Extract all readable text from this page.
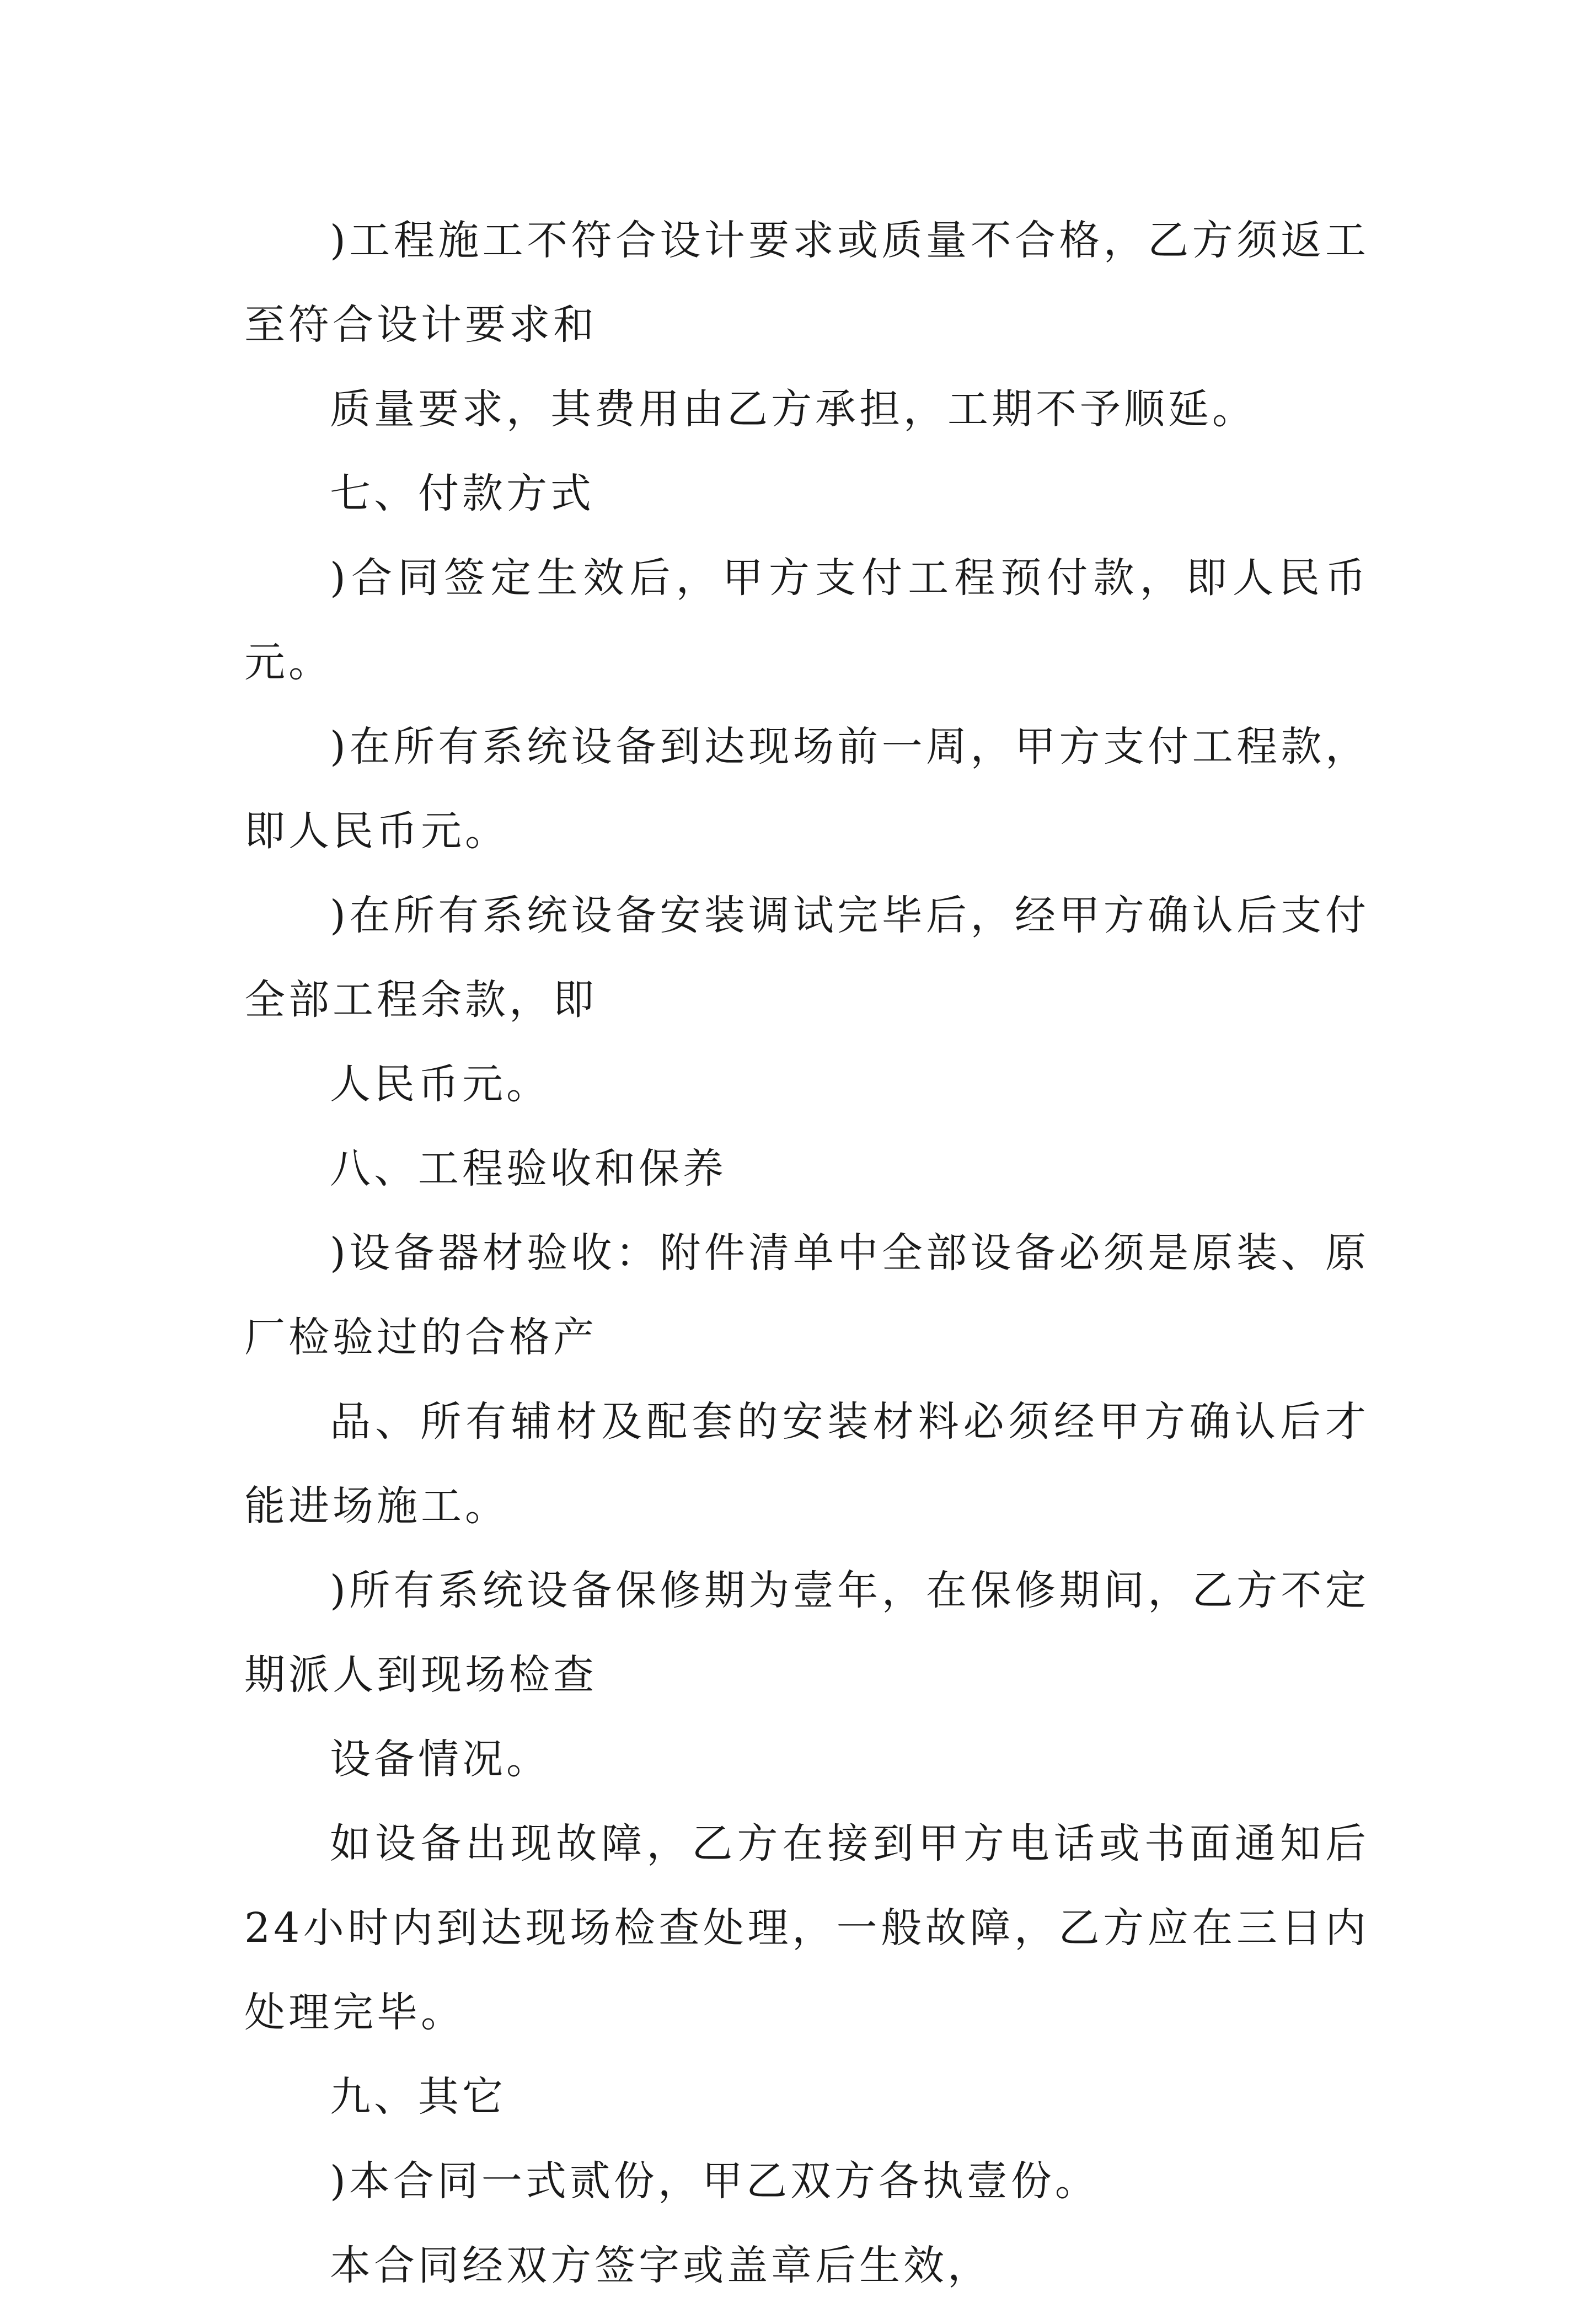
)工程施工不符合设计要求或质量不合格，乙方须返工至符合设计要求和

质量要求，其费用由乙方承担，工期不予顺延。

七、付款方式

)合同签定生效后，甲方支付工程预付款，即人民币元。

)在所有系统设备到达现场前一周，甲方支付工程款，即人民币元。

)在所有系统设备安装调试完毕后，经甲方确认后支付全部工程余款，即

人民币元。

八、工程验收和保养

)设备器材验收：附件清单中全部设备必须是原装、原厂检验过的合格产

品、所有辅材及配套的安装材料必须经甲方确认后才能进场施工。

)所有系统设备保修期为壹年，在保修期间，乙方不定期派人到现场检查

设备情况。

如设备出现故障，乙方在接到甲方电话或书面通知后24小时内到达现场检查处理，一般故障，乙方应在三日内处理完毕。

九、其它

)本合同一式贰份，甲乙双方各执壹份。

本合同经双方签字或盖章后生效，
